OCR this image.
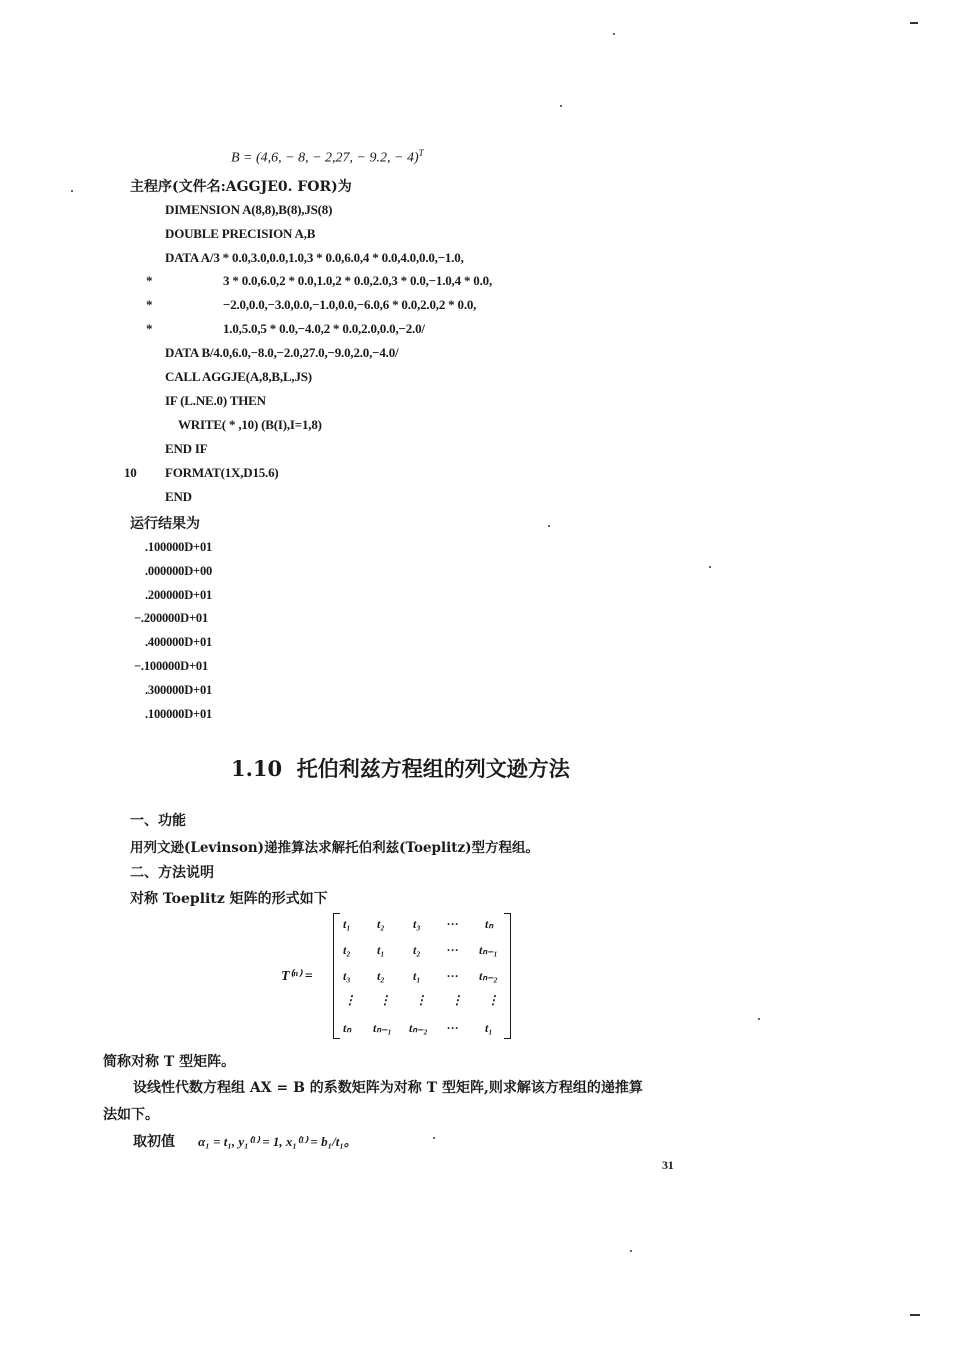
B = (4,6, − 8, − 2,27, − 9.2, − 4)$^T$
主程序(文件名:AGGJE0. FOR)为
DIMENSION A(8,8),B(8),JS(8)
DOUBLE PRECISION A,B
DATA A/3 * 0.0,3.0,0.0,1.0,3 * 0.0,6.0,4 * 0.0,4.0,0.0,−1.0,
*	3 * 0.0,6.0,2 * 0.0,1.0,2 * 0.0,2.0,3 * 0.0,−1.0,4 * 0.0,
*	−2.0,0.0,−3.0,0.0,−1.0,0.0,−6.0,6 * 0.0,2.0,2 * 0.0,
*	1.0,5.0,5 * 0.0,−4.0,2 * 0.0,2.0,0.0,−2.0/
DATA B/4.0,6.0,−8.0,−2.0,27.0,−9.0,2.0,−4.0/
CALL AGGJE(A,8,B,L,JS)
IF (L.NE.0) THEN
WRITE( * ,10) (B(I),I=1,8)
END IF
10 FORMAT(1X,D15.6)
END
运行结果为
.100000D+01
.000000D+00
.200000D+01
−.200000D+01
.400000D+01
−.100000D+01
.300000D+01
.100000D+01
1.10  托伯利兹方程组的列文逊方法
一、功能
用列文逊(Levinson)递推算法求解托伯利兹(Toeplitz)型方程组。
二、方法说明
对称 Toeplitz 矩阵的形式如下
T⁽ⁿ⁾ =
t₁ t₂ t₃ … tₙ
t₂ t₁ t₂ … tₙ₋₁
t₃ t₂ t₁ … tₙ₋₂
⋮ ⋮ ⋮ ⋮ ⋮
tₙ tₙ₋₁ tₙ₋₂ … t₁
简称对称 T 型矩阵。
设线性代数方程组 AX = B 的系数矩阵为对称 T 型矩阵,则求解该方程组的递推算
法如下。
取初值 α₁ = t₁, y₁⁽¹⁾ = 1, x₁⁽¹⁾ = b₁/t₁。
31
